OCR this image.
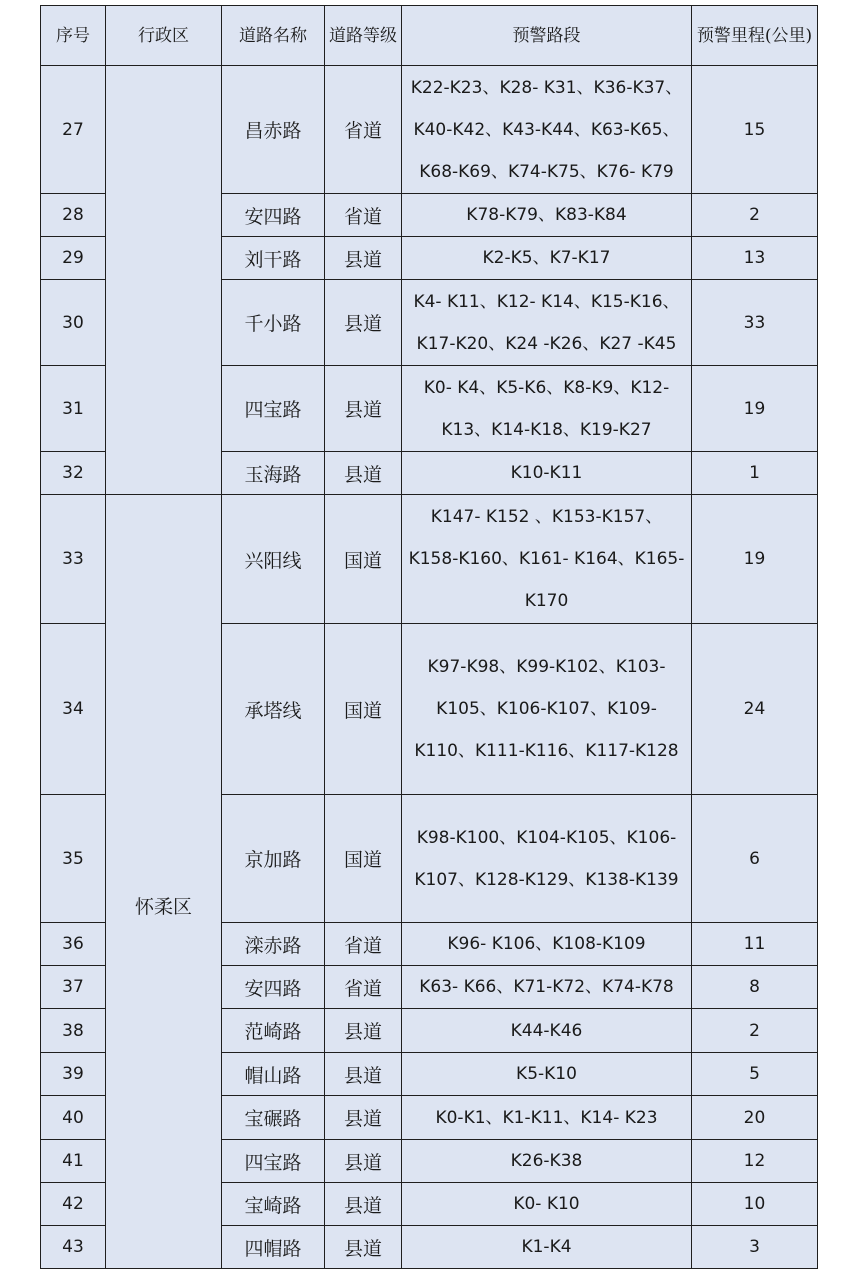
序号	行政区	道路名称	道路等级	预警路段	预警里程(公里)
27		昌赤路	省道	K22-K23、K28- K31、K36-K37、K40-K42、K43-K44、K63-K65、K68-K69、K74-K75、K76- K79	15
28		安四路	省道	K78-K79、K83-K84	2
29		刘干路	县道	K2-K5、K7-K17	13
30		千小路	县道	K4- K11、K12- K14、K15-K16、K17-K20、K24 -K26、K27 -K45	33
31		四宝路	县道	K0- K4、K5-K6、K8-K9、K12-K13、K14-K18、K19-K27	19
32		玉海路	县道	K10-K11	1
33	怀柔区	兴阳线	国道	K147- K152 、K153-K157、K158-K160、K161- K164、K165-K170	19
34		承塔线	国道	K97-K98、K99-K102、K103-K105、K106-K107、K109-K110、K111-K116、K117-K128	24
35		京加路	国道	K98-K100、K104-K105、K106-K107、K128-K129、K138-K139	6
36		滦赤路	省道	K96- K106、K108-K109	11
37		安四路	省道	K63- K66、K71-K72、K74-K78	8
38		范崎路	县道	K44-K46	2
39		帽山路	县道	K5-K10	5
40		宝碾路	县道	K0-K1、K1-K11、K14- K23	20
41		四宝路	县道	K26-K38	12
42		宝崎路	县道	K0- K10	10
43		四帽路	县道	K1-K4	3
